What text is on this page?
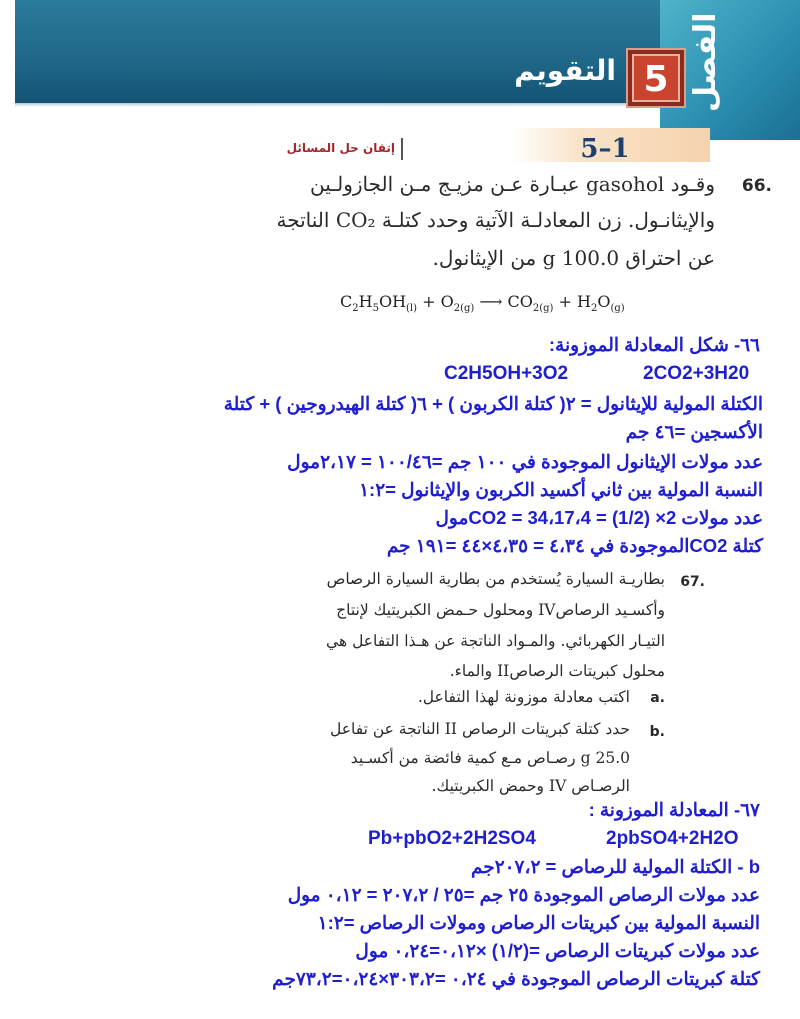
الفصل
5
التقويم
5–1
إتقان حل المسائل
66.
وقـود gasohol عبـارة عـن مزيـج مـن الجازولـين
والإيثانـول. زن المعادلـة الآتية وحدد كتلـة CO₂ الناتجة
عن احتراق 100.0 g من الإيثانول.
$C_2H_5OH_{(l)} + O_{2(g)}$ ⟶ $CO_{2(g)} + H_2O_{(g)}$
٦٦- شكل المعادلة الموزونة:
C2H5OH+3O2	2CO2+3H20
الكتلة المولية للإيثانول = ٢( كتلة الكربون ) + ٦( كتلة الهيدروجين ) + كتلة
الأكسجين =٤٦ جم
عدد مولات الإيثانول الموجودة في ١٠٠ جم =١٠٠/٤٦ = ٢،١٧مول
النسبة المولية بين ثاني أكسيد الكربون والإيثانول =١:٢
عدد مولات 2× (1/2) = 4،CO2 = 34،17مول
كتلة CO2الموجودة في ٤،٣٤ = ٤،٣٥×٤٤ =١٩١ جم
67.
بطاريـة السيارة يُستخدم من بطارية السيارة الرصاص
وأكسـيد الرصاصIV ومحلول حـمض الكبريتيك لإنتاج
التيـار الكهربائي. والمـواد الناتجة عن هـذا التفاعل هي
محلول كبريتات الرصاصII والماء.
a.
اكتب معادلة موزونة لهذا التفاعل.
b.
حدد كتلة كبريتات الرصاص II الناتجة عن تفاعل
25.0 g رصـاص مـع كمية فائضة من أكسـيد
الرصـاص IV وحمض الكبريتيك.
٦٧- المعادلة الموزونة :
Pb+pbO2+2H2SO4	2pbSO4+2H2O
b - الكتلة المولية للرصاص = ٢٠٧،٢جم
عدد مولات الرصاص الموجودة ٢٥ جم =٢٥ / ٢٠٧،٢ = ٠،١٢ مول
النسبة المولية بين كبريتات الرصاص ومولات الرصاص =١:٢
عدد مولات كبريتات الرصاص =(١/٢) ×٠،١٢=٠،٢٤ مول
كتلة كبريتات الرصاص الموجودة في ٠،٢٤ =٣٠٣،٢×٠،٢٤=٧٣،٢جم
